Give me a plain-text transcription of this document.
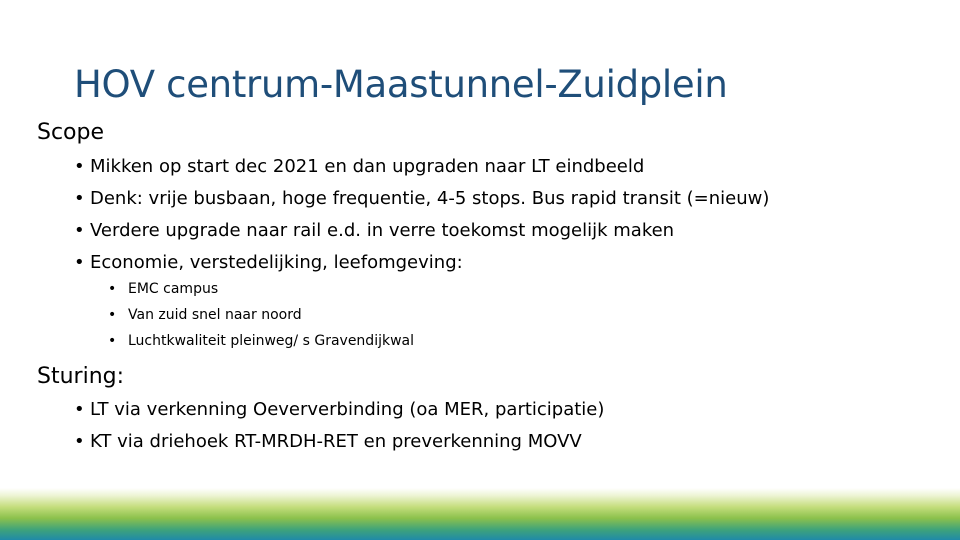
HOV centrum-Maastunnel-Zuidplein
Scope
• Mikken op start dec 2021 en dan upgraden naar LT eindbeeld
• Denk: vrije busbaan, hoge frequentie, 4-5 stops. Bus rapid transit (=nieuw)
• Verdere upgrade naar rail e.d. in verre toekomst mogelijk maken
• Economie, verstedelijking, leefomgeving:
• EMC campus
• Van zuid snel naar noord
• Luchtkwaliteit pleinweg/ s Gravendijkwal
Sturing:
• LT via verkenning Oeververbinding (oa MER, participatie)
• KT via driehoek RT-MRDH-RET en preverkenning MOVV
